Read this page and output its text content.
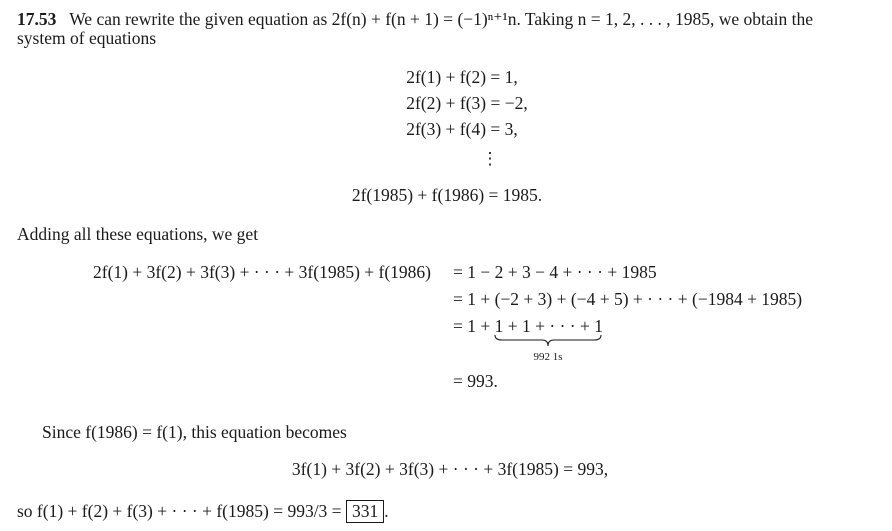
17.53 We can rewrite the given equation as 2f(n) + f(n + 1) = (−1)ⁿ⁺¹n. Taking n = 1, 2, . . . , 1985, we obtain the
system of equations
2f(1) + f(2) = 1,
2f(2) + f(3) = −2,
2f(3) + f(4) = 3,
⋮
2f(1985) + f(1986) = 1985.
Adding all these equations, we get
2f(1) + 3f(2) + 3f(3) + · · · + 3f(1985) + f(1986) = 1 − 2 + 3 − 4 + · · · + 1985
= 1 + (−2 + 3) + (−4 + 5) + · · · + (−1984 + 1985)
= 1 + 1 + 1 + · · · + 1
992 1s
= 993.
Since f(1986) = f(1), this equation becomes
3f(1) + 3f(2) + 3f(3) + · · · + 3f(1985) = 993,
so f(1) + f(2) + f(3) + · · · + f(1985) = 993/3 = 331 .
